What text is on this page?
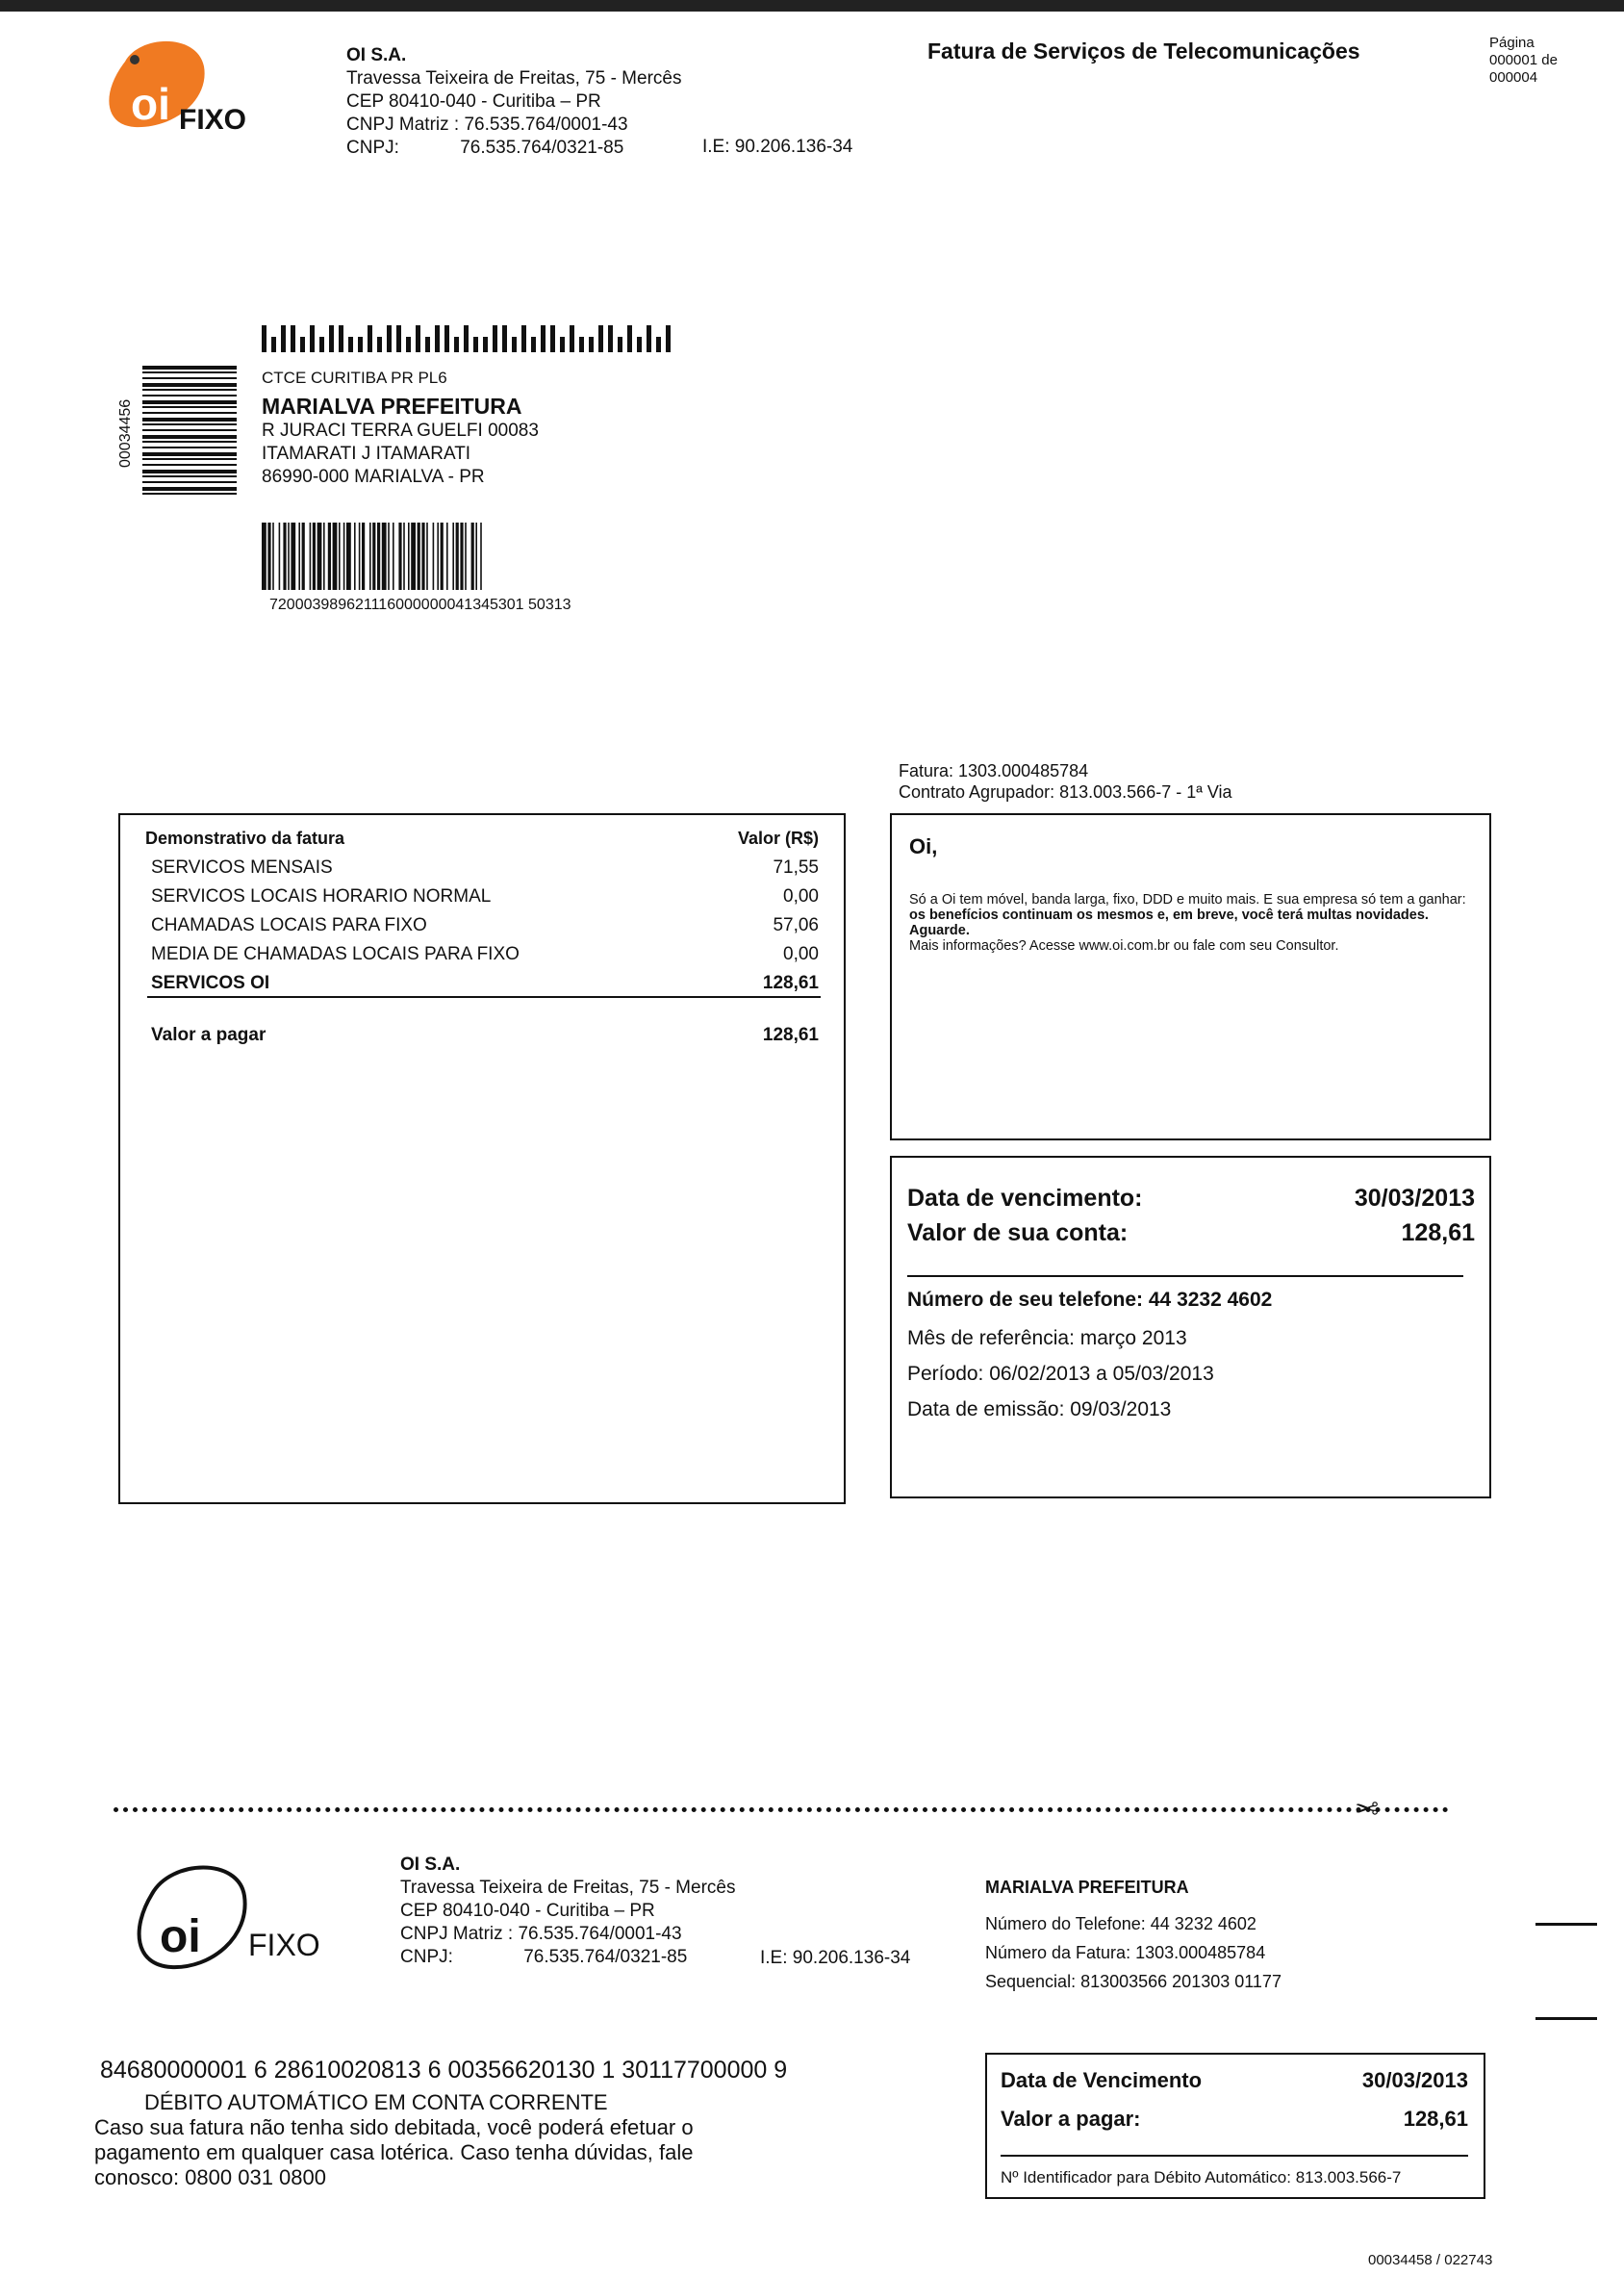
oi FIXO
OI S.A.
Travessa Teixeira de Freitas, 75 - Mercês
CEP 80410-040 - Curitiba – PR
CNPJ Matriz : 76.535.764/0001-43
CNPJ:	76.535.764/0321-85	I.E: 90.206.136-34
Fatura de Serviços de Telecomunicações	Página
000001 de
000004
00034456
CTCE CURITIBA PR PL6
MARIALVA PREFEITURA
R JURACI TERRA GUELFI 00083
ITAMARATI J ITAMARATI
86990-000 MARIALVA - PR
720003989621116000000041345301 50313
Fatura: 1303.000485784
Contrato Agrupador: 813.003.566-7 - 1ª Via
Demonstrativo da fatura	Valor (R$)
SERVICOS MENSAIS	71,55
SERVICOS LOCAIS HORARIO NORMAL	0,00
CHAMADAS LOCAIS PARA FIXO	57,06
MEDIA DE CHAMADAS LOCAIS PARA FIXO	0,00
SERVICOS OI	128,61
Valor a pagar	128,61
Oi,
Só a Oi tem móvel, banda larga, fixo, DDD e muito mais. E sua empresa só tem a ganhar: os benefícios continuam os mesmos e, em breve, você terá multas novidades. Aguarde.
Mais informações? Acesse www.oi.com.br ou fale com seu Consultor.
Data de vencimento:	30/03/2013
Valor de sua conta:	128,61
Número de seu telefone: 44 3232 4602
Mês de referência: março 2013
Período: 06/02/2013 a 05/03/2013
Data de emissão: 09/03/2013
✂
oi FIXO
OI S.A.
Travessa Teixeira de Freitas, 75 - Mercês
CEP 80410-040 - Curitiba – PR
CNPJ Matriz : 76.535.764/0001-43
CNPJ:	76.535.764/0321-85	I.E: 90.206.136-34
MARIALVA PREFEITURA
Número do Telefone: 44 3232 4602
Número da Fatura: 1303.000485784
Sequencial: 813003566 201303 01177
84680000001 6 28610020813 6 00356620130 1 30117700000 9
DÉBITO AUTOMÁTICO EM CONTA CORRENTE
Caso sua fatura não tenha sido debitada, você poderá efetuar o pagamento em qualquer casa lotérica. Caso tenha dúvidas, fale conosco: 0800 031 0800
Data de Vencimento	30/03/2013
Valor a pagar:	128,61
Nº Identificador para Débito Automático: 813.003.566-7
00034458 / 022743
